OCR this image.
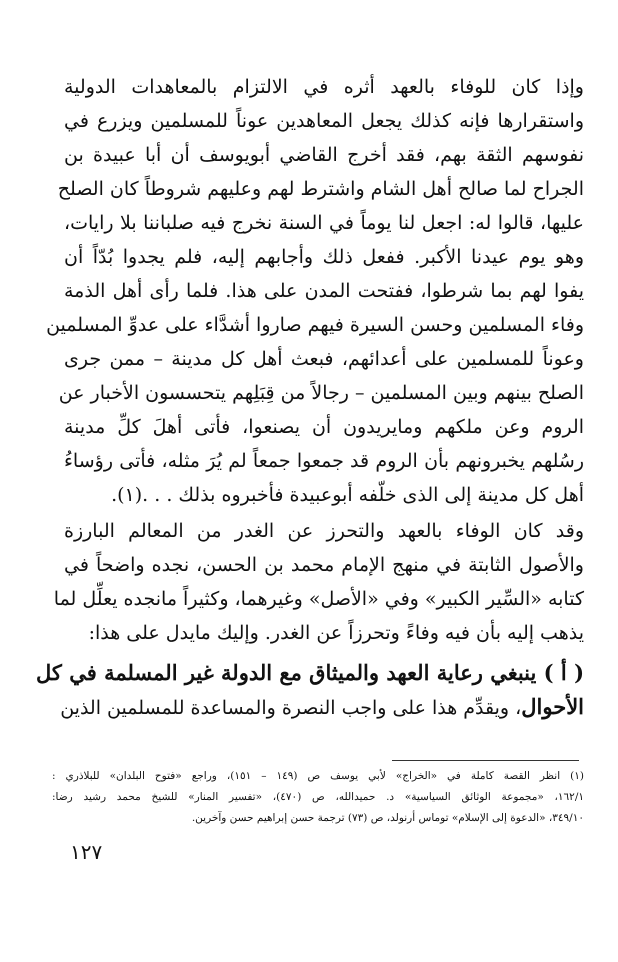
وإذا كان للوفاء بالعهد أثره في الالتزام بالمعاهدات الدولية
واستقرارها فإنه كذلك يجعل المعاهدين عوناً للمسلمين ويزرع في
نفوسهم الثقة بهم، فقد أخرج القاضي أبويوسف أن أبا عبيدة بن
الجراح لما صالح أهل الشام واشترط لهم وعليهم شروطاً كان الصلح
عليها، قالوا له: اجعل لنا يوماً في السنة نخرج فيه صلباننا بلا رايات،
وهو يوم عيدنا الأكبر. ففعل ذلك وأجابهم إليه، فلم يجدوا بُدّاً أن
يفوا لهم بما شرطوا، ففتحت المدن على هذا. فلما رأى أهل الذمة
وفاء المسلمين وحسن السيرة فيهم صاروا أشدَّاء على عدوِّ المسلمين
وعوناً للمسلمين على أعدائهم، فبعث أهل كل مدينة – ممن جرى
الصلح بينهم وبين المسلمين – رجالاً من قِبَلِهم يتحسسون الأخبار عن
الروم وعن ملكهم ومايريدون أن يصنعوا، فأتى أهلَ كلِّ مدينة
رسُلهم يخبرونهم بأن الروم قد جمعوا جمعاً لم يُرَ مثله، فأتى رؤساءُ
أهل كل مدينة إلى الذى خلّفه أبوعبيدة فأخبروه بذلك . . .(١).
وقد كان الوفاء بالعهد والتحرز عن الغدر من المعالم البارزة
والأصول الثابتة في منهج الإمام محمد بن الحسن، نجده واضحاً في
كتابه «السِّير الكبير» وفي «الأصل» وغيرهما، وكثيراً مانجده يعلِّل لما
يذهب إليه بأن فيه وفاءً وتحرزاً عن الغدر. وإليك مايدل على هذا:
( أ ) ينبغي رعاية العهد والميثاق مع الدولة غير المسلمة في كل
الأحوال، ويقدِّم هذا على واجب النصرة والمساعدة للمسلمين الذين
(١) انظر القصة كاملة في «الخراج» لأبي يوسف ص (١٤٩ – ١٥١)، وراجع «فتوح البلدان» للبلاذري :
١٦٢/١، «مجموعة الوثائق السياسية» د. حميدالله، ص (٤٧٠)، «تفسير المنار» للشيخ محمد رشيد رضا:
٣٤٩/١٠، «الدعوة إلى الإسلام» توماس أرنولد، ص (٧٣) ترجمة حسن إبراهيم حسن وآخرين.
١٢٧
